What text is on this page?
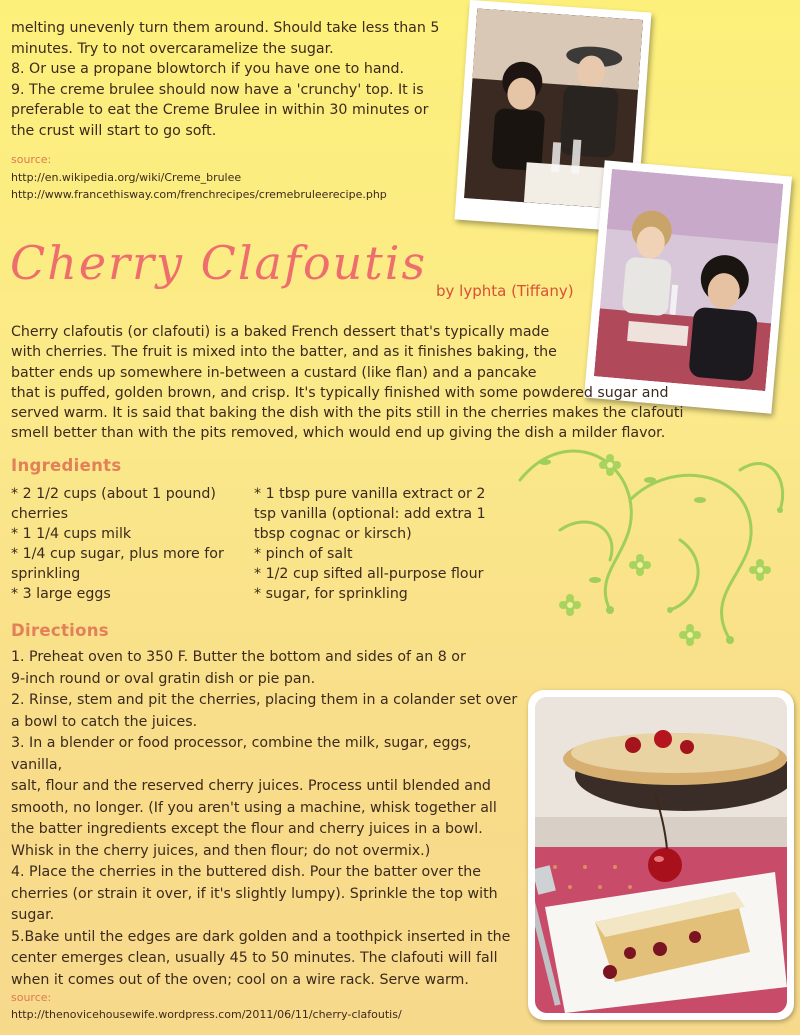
melting unevenly turn them around. Should take less than 5
minutes. Try to not overcaramelize the sugar.
8. Or use a propane blowtorch if you have one to hand.
9. The creme brulee should now have a 'crunchy' top. It is
preferable to eat the Creme Brulee in within 30 minutes or
the crust will start to go soft.
source:
http://en.wikipedia.org/wiki/Creme_brulee
http://www.francethisway.com/frenchrecipes/cremebruleerecipe.php
Cherry Clafoutis
by lyphta (Tiffany)
Cherry clafoutis (or clafouti) is a baked French dessert that's typically made
with cherries. The fruit is mixed into the batter, and as it finishes baking, the
batter ends up somewhere in-between a custard (like flan) and a pancake
that is puffed, golden brown, and crisp. It's typically finished with some powdered sugar and
served warm. It is said that baking the dish with the pits still in the cherries makes the clafouti
smell better than with the pits removed, which would end up giving the dish a milder flavor.
Ingredients
* 2 1/2 cups (about 1 pound)
cherries
* 1 1/4 cups milk
* 1/4 cup sugar, plus more for
sprinkling
* 3 large eggs
* 1 tbsp pure vanilla extract or 2
tsp vanilla (optional: add extra 1
tbsp cognac or kirsch)
* pinch of salt
* 1/2 cup sifted all-purpose flour
* sugar, for sprinkling
Directions
1. Preheat oven to 350 F. Butter the bottom and sides of an 8 or
9-inch round or oval gratin dish or pie pan.
2. Rinse, stem and pit the cherries, placing them in a colander set over
a bowl to catch the juices.
3. In a blender or food processor, combine the milk, sugar, eggs, vanilla,
salt, flour and the reserved cherry juices. Process until blended and
smooth, no longer. (If you aren't using a machine, whisk together all
the batter ingredients except the flour and cherry juices in a bowl.
Whisk in the cherry juices, and then flour; do not overmix.)
4. Place the cherries in the buttered dish. Pour the batter over the
cherries (or strain it over, if it's slightly lumpy). Sprinkle the top with
sugar.
5.Bake until the edges are dark golden and a toothpick inserted in the
center emerges clean, usually 45 to 50 minutes. The clafouti will fall
when it comes out of the oven; cool on a wire rack. Serve warm.
source:
http://thenovicehousewife.wordpress.com/2011/06/11/cherry-clafoutis/
